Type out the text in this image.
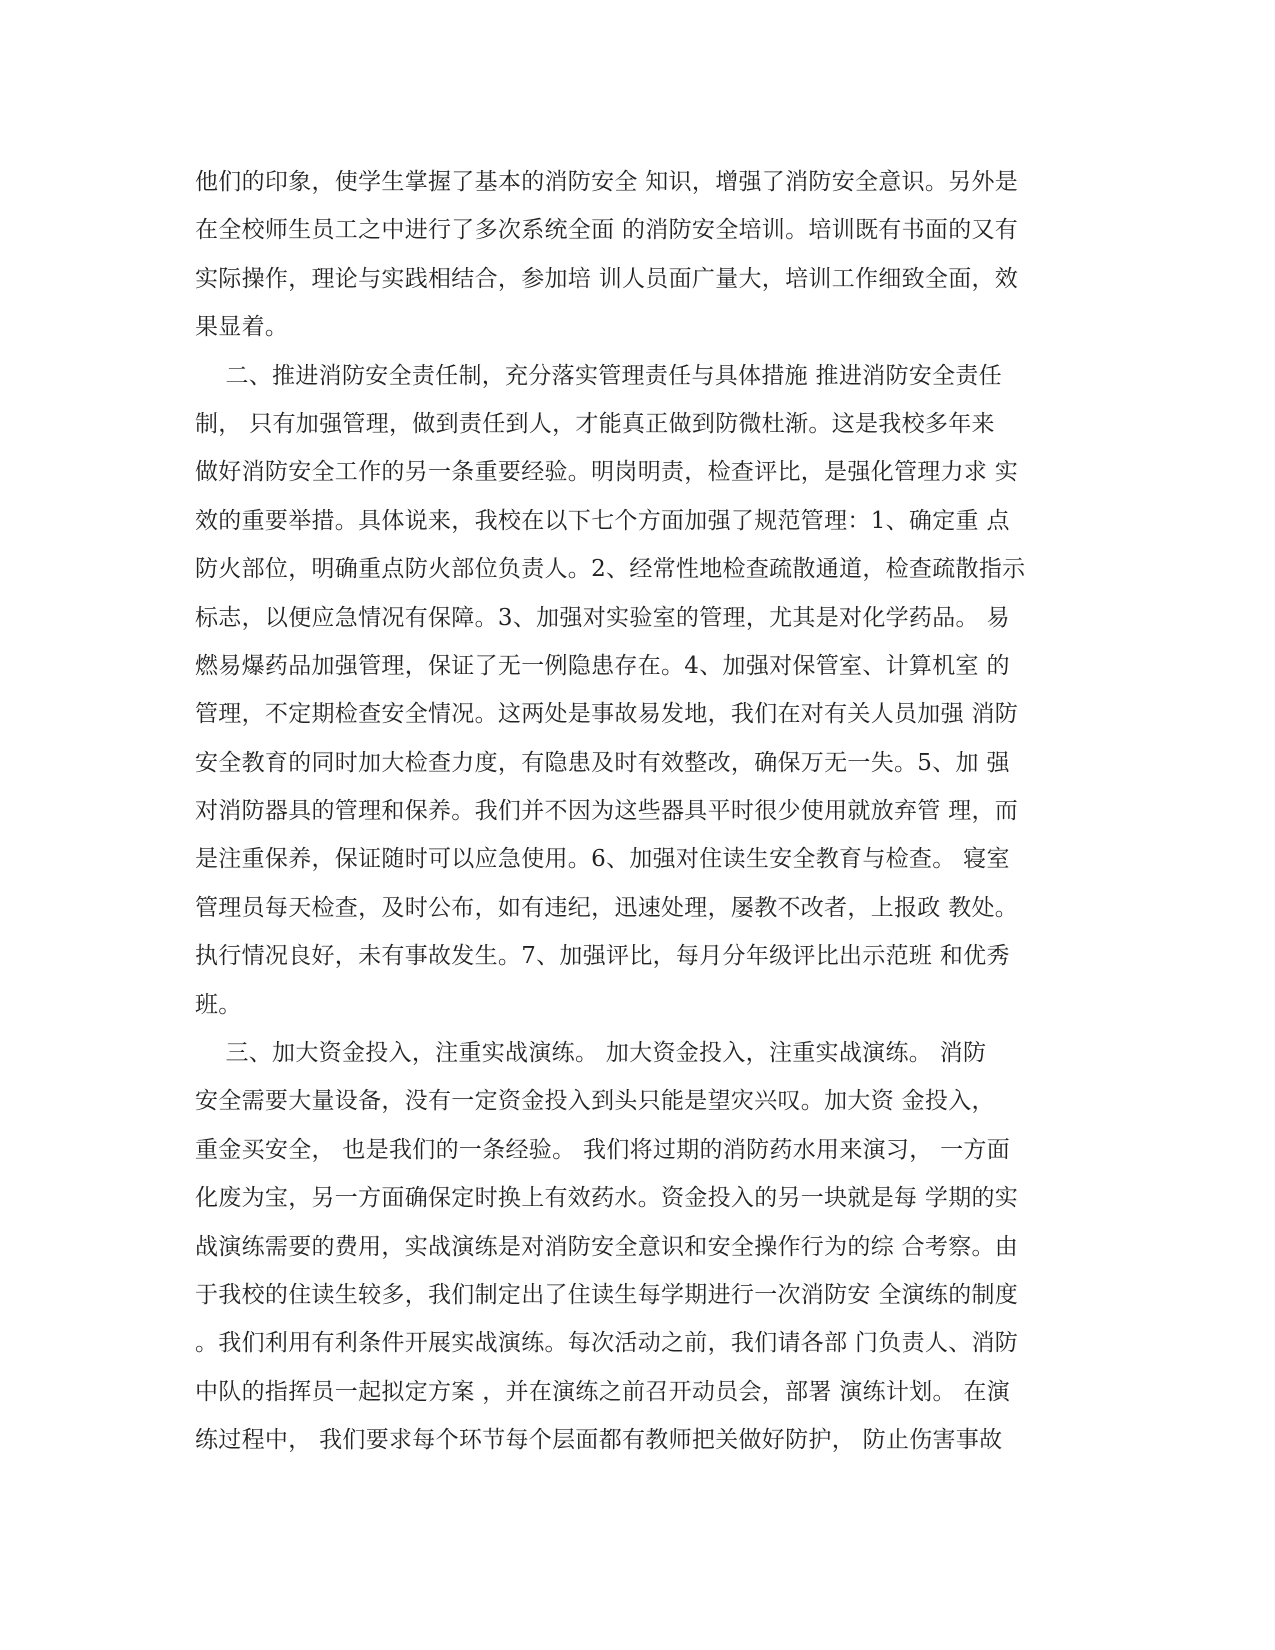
他们的印象，使学生掌握了基本的消防安全 知识，增强了消防安全意识。另外是
在全校师生员工之中进行了多次系统全面 的消防安全培训。培训既有书面的又有
实际操作，理论与实践相结合，参加培 训人员面广量大，培训工作细致全面，效
果显着。
二、推进消防安全责任制，充分落实管理责任与具体措施 推进消防安全责任
制， 只有加强管理，做到责任到人，才能真正做到防微杜渐。这是我校多年来
做好消防安全工作的另一条重要经验。明岗明责，检查评比，是强化管理力求 实
效的重要举措。具体说来，我校在以下七个方面加强了规范管理：1、确定重 点
防火部位，明确重点防火部位负责人。2、经常性地检查疏散通道，检查疏散指示
标志，以便应急情况有保障。3、加强对实验室的管理，尤其是对化学药品。 易
燃易爆药品加强管理，保证了无一例隐患存在。4、加强对保管室、计算机室 的
管理，不定期检查安全情况。这两处是事故易发地，我们在对有关人员加强 消防
安全教育的同时加大检查力度，有隐患及时有效整改，确保万无一失。5、加 强
对消防器具的管理和保养。我们并不因为这些器具平时很少使用就放弃管 理，而
是注重保养，保证随时可以应急使用。6、加强对住读生安全教育与检查。 寝室
管理员每天检查，及时公布，如有违纪，迅速处理，屡教不改者，上报政 教处。
执行情况良好，未有事故发生。7、加强评比，每月分年级评比出示范班 和优秀
班。
三、加大资金投入，注重实战演练。 加大资金投入，注重实战演练。 消防
安全需要大量设备，没有一定资金投入到头只能是望灾兴叹。加大资 金投入，
重金买安全， 也是我们的一条经验。 我们将过期的消防药水用来演习， 一方面
化废为宝，另一方面确保定时换上有效药水。资金投入的另一块就是每 学期的实
战演练需要的费用，实战演练是对消防安全意识和安全操作行为的综 合考察。由
于我校的住读生较多，我们制定出了住读生每学期进行一次消防安 全演练的制度
。我们利用有利条件开展实战演练。每次活动之前，我们请各部 门负责人、消防
中队的指挥员一起拟定方案 ，并在演练之前召开动员会，部署 演练计划。 在演
练过程中， 我们要求每个环节每个层面都有教师把关做好防护， 防止伤害事故
